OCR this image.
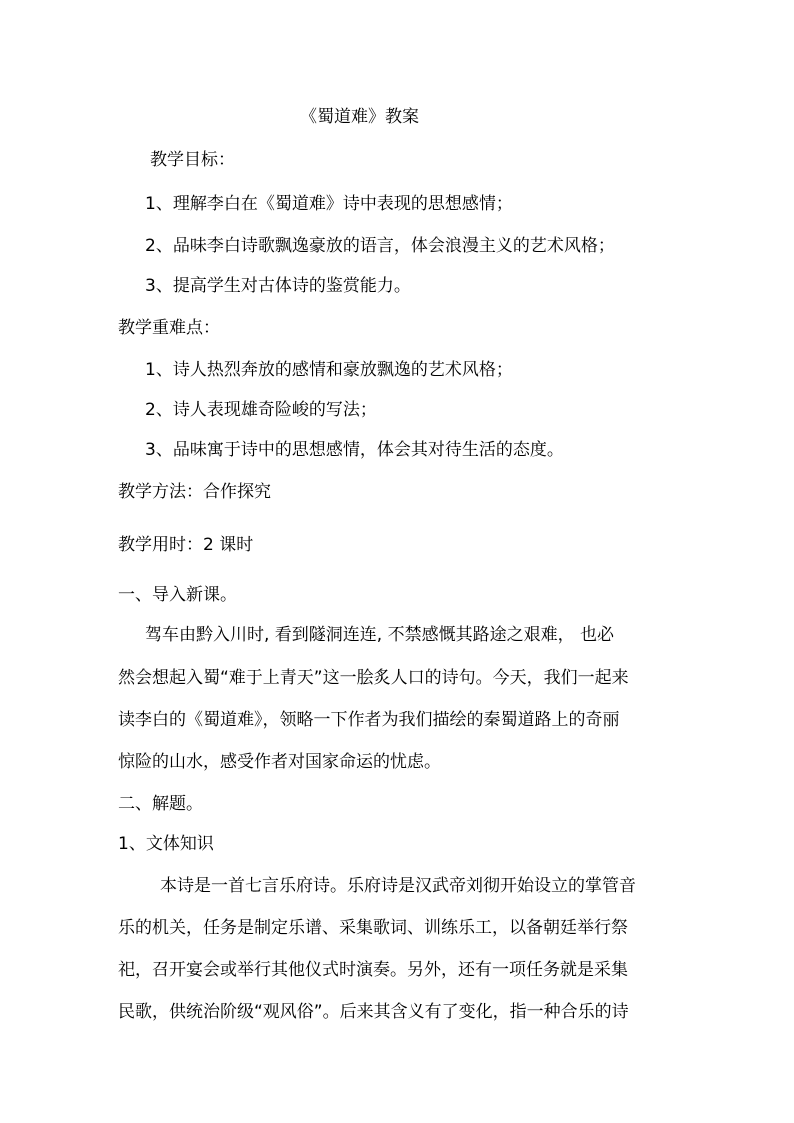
《蜀道难》教案
教学目标：
1、理解李白在《蜀道难》诗中表现的思想感情；
2、品味李白诗歌飘逸豪放的语言，体会浪漫主义的艺术风格；
3、提高学生对古体诗的鉴赏能力。
教学重难点：
1、诗人热烈奔放的感情和豪放飘逸的艺术风格；
2、诗人表现雄奇险峻的写法；
3、品味寓于诗中的思想感情，体会其对待生活的态度。
教学方法：合作探究
教学用时：2 课时
一、导入新课。
驾车由黔入川时, 看到隧洞连连, 不禁感慨其路途之艰难， 也必
然会想起入蜀“难于上青天”这一脍炙人口的诗句。今天，我们一起来
读李白的《蜀道难》，领略一下作者为我们描绘的秦蜀道路上的奇丽
惊险的山水，感受作者对国家命运的忧虑。
二、解题。
1、文体知识
本诗是一首七言乐府诗。乐府诗是汉武帝刘彻开始设立的掌管音
乐的机关，任务是制定乐谱、采集歌词、训练乐工，以备朝廷举行祭
祀，召开宴会或举行其他仪式时演奏。另外，还有一项任务就是采集
民歌，供统治阶级“观风俗”。后来其含义有了变化，指一种合乐的诗
